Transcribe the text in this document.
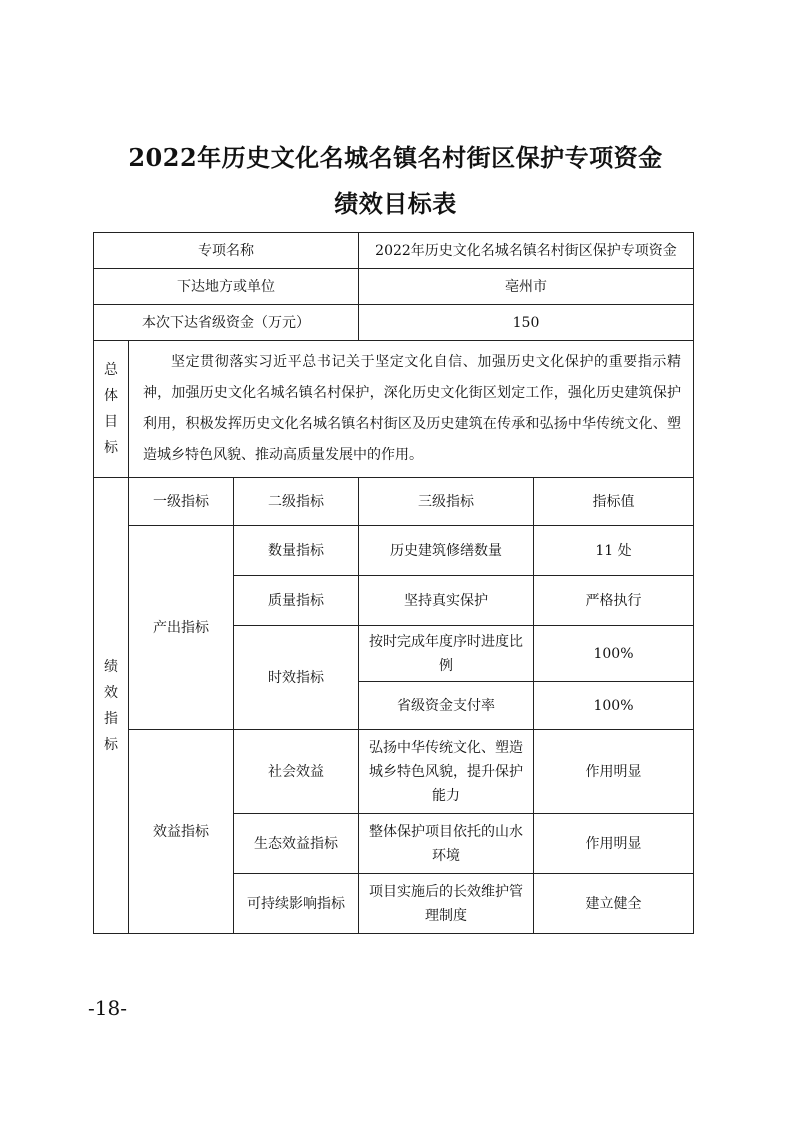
2022年历史文化名城名镇名村街区保护专项资金
绩效目标表
专项名称			2022年历史文化名城名镇名村街区保护专项资金	
下达地方或单位			亳州市	
本次下达省级资金（万元）			150	

总
体
目
标	坚定贯彻落实习近平总书记关于坚定文化自信、加强历史文化保护的重要指示精神，加强历史文化名城名镇名村保护，深化历史文化街区划定工作，强化历史建筑保护利用，积极发挥历史文化名城名镇名村街区及历史建筑在传承和弘扬中华传统文化、塑造城乡特色风貌、推动高质量发展中的作用。			

绩
效
指
标	一级指标	二级指标	三级指标	指标值
	产出指标	数量指标	历史建筑修缮数量	11 处
		质量指标	坚持真实保护	严格执行
		时效指标	按时完成年度序时进度比例	100%
			省级资金支付率	100%
	效益指标	社会效益	弘扬中华传统文化、塑造城乡特色风貌，提升保护能力	作用明显
		生态效益指标	整体保护项目依托的山水环境	作用明显
		可持续影响指标	项目实施后的长效维护管理制度	建立健全
-18-
